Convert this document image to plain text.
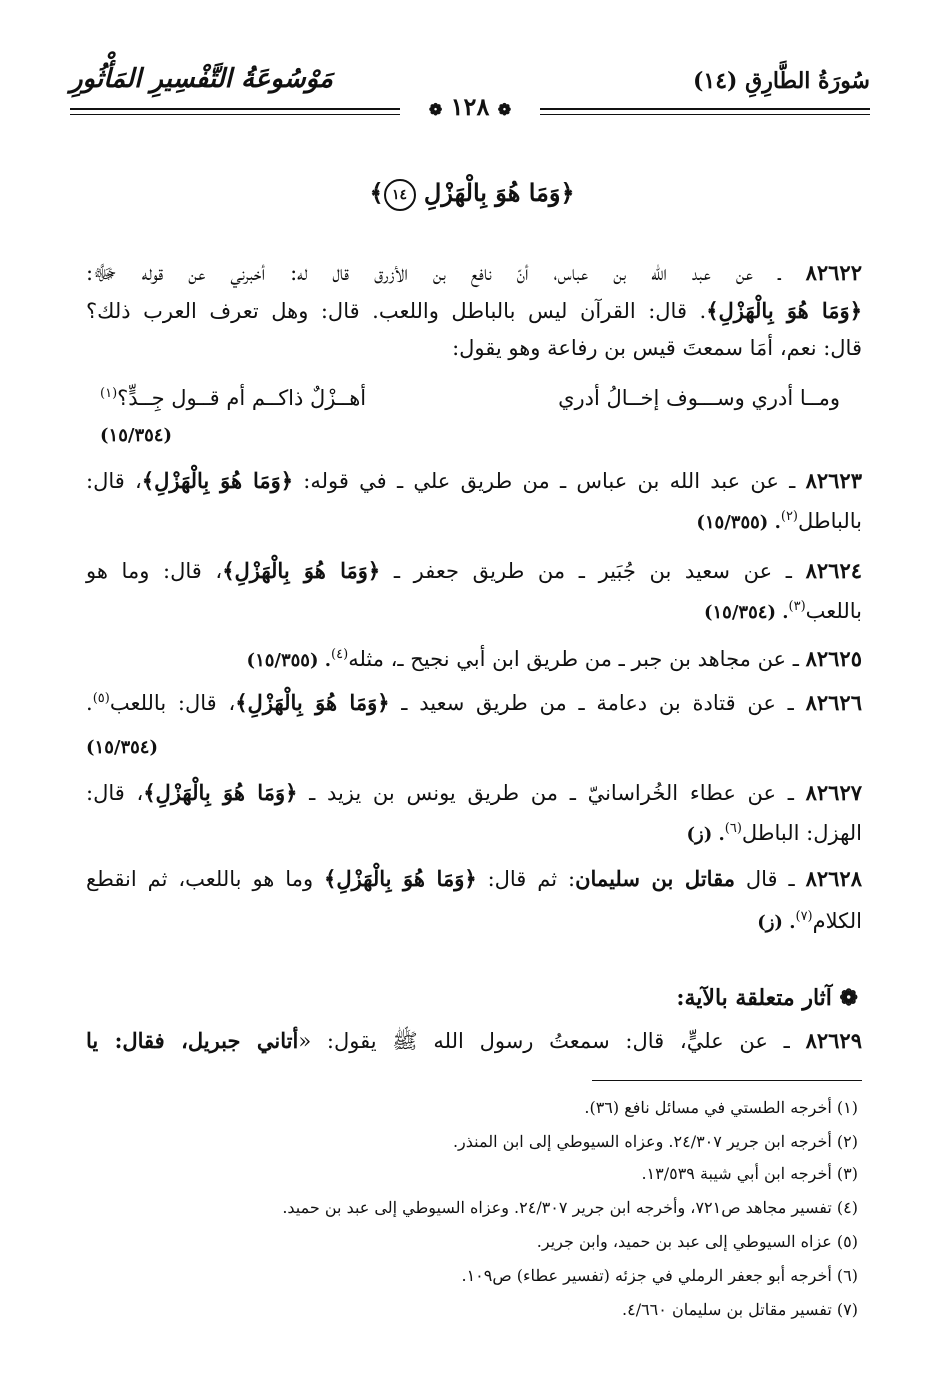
مَوْسُوعَةُ التَّفْسِيرِ المَأْثُورِ	سُورَةُ الطَّارِقِ (١٤)
❁ ١٢٨ ❁
﴿وَمَا هُوَ بِالْهَزْلِ ١٤﴾
٨٢٦٢٢ ـ عن عبد الله بن عباس، أنّ نافع بن الأزرق قال له: أخبرني عن قوله ﷻ:
﴿وَمَا هُوَ بِالْهَزْلِ﴾. قال: القرآن ليس بالباطل واللعب. قال: وهل تعرف العرب ذلك؟
قال: نعم، أمَا سمعتَ قيس بن رفاعة وهو يقول:
ومــا أدري وســـوف إخــالُ أدري
أهــزْلٌ ذاكــم أم قــول جِــدٍّ؟$^{(١)}$
(١٥/٣٥٤)
٨٢٦٢٣ ـ عن عبد الله بن عباس ـ من طريق علي ـ في قوله: ﴿وَمَا هُوَ بِالْهَزْلِ﴾، قال:
بالباطل$^{(٢)}$. (١٥/٣٥٥)
٨٢٦٢٤ ـ عن سعيد بن جُبَير ـ من طريق جعفر ـ ﴿وَمَا هُوَ بِالْهَزْلِ﴾، قال: وما هو
باللعب$^{(٣)}$. (١٥/٣٥٤)
٨٢٦٢٥ ـ عن مجاهد بن جبر ـ من طريق ابن أبي نجيح ـ، مثله$^{(٤)}$. (١٥/٣٥٥)
٨٢٦٢٦ ـ عن قتادة بن دعامة ـ من طريق سعيد ـ ﴿وَمَا هُوَ بِالْهَزْلِ﴾، قال: باللعب$^{(٥)}$.
(١٥/٣٥٤)
٨٢٦٢٧ ـ عن عطاء الخُراسانيّ ـ من طريق يونس بن يزيد ـ ﴿وَمَا هُوَ بِالْهَزْلِ﴾، قال:
الهزل: الباطل$^{(٦)}$. (ز)
٨٢٦٢٨ ـ قال مقاتل بن سليمان: ثم قال: ﴿وَمَا هُوَ بِالْهَزْلِ﴾ وما هو باللعب، ثم انقطع
الكلام$^{(٧)}$. (ز)
❁ آثار متعلقة بالآية:
٨٢٦٢٩ ـ عن عليٍّ، قال: سمعتُ رسول الله ﷺ يقول: «أتاني جبريل، فقال: يا
(١) أخرجه الطستي في مسائل نافع (٣٦).
(٢) أخرجه ابن جرير ٢٤/٣٠٧. وعزاه السيوطي إلى ابن المنذر.
(٣) أخرجه ابن أبي شيبة ١٣/٥٣٩.
(٤) تفسير مجاهد ص٧٢١، وأخرجه ابن جرير ٢٤/٣٠٧. وعزاه السيوطي إلى عبد بن حميد.
(٥) عزاه السيوطي إلى عبد بن حميد، وابن جرير.
(٦) أخرجه أبو جعفر الرملي في جزئه (تفسير عطاء) ص١٠٩.
(٧) تفسير مقاتل بن سليمان ٤/٦٦٠.
